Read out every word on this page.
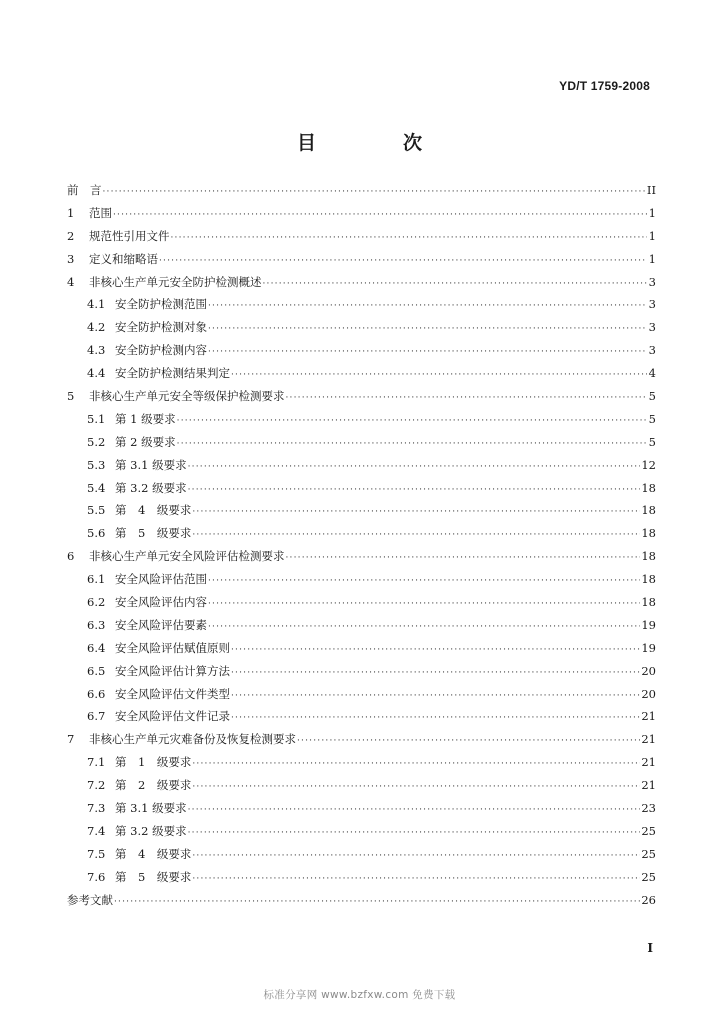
YD/T 1759-2008
目　次
前　言 ·····	II
1	范围 ·····	1
2	规范性引用文件 ·····	1
3	定义和缩略语 ·····	1
4	非核心生产单元安全防护检测概述 ·····	3
4.1 安全防护检测范围 ·····	3
4.2 安全防护检测对象 ·····	3
4.3 安全防护检测内容 ·····	3
4.4 安全防护检测结果判定 ·····	4
5	非核心生产单元安全等级保护检测要求 ·····	5
5.1 第 1 级要求 ·····	5
5.2 第 2 级要求 ·····	5
5.3 第 3.1 级要求 ·····	12
5.4 第 3.2 级要求 ·····	18
5.5 第　4　级要求 ·····	18
5.6 第　5　级要求 ·····	18
6	非核心生产单元安全风险评估检测要求 ·····	18
6.1 安全风险评估范围 ·····	18
6.2 安全风险评估内容 ·····	18
6.3 安全风险评估要素 ·····	19
6.4 安全风险评估赋值原则 ·····	19
6.5 安全风险评估计算方法 ·····	20
6.6 安全风险评估文件类型 ·····	20
6.7 安全风险评估文件记录 ·····	21
7	非核心生产单元灾难备份及恢复检测要求 ·····	21
7.1 第　1　级要求 ·····	21
7.2 第　2　级要求 ·····	21
7.3 第 3.1 级要求 ·····	23
7.4 第 3.2 级要求 ·····	25
7.5 第　4　级要求 ·····	25
7.6 第　5　级要求 ·····	25
参考文献 ·····	26
I
标准分享网 www.bzfxw.com 免费下载
